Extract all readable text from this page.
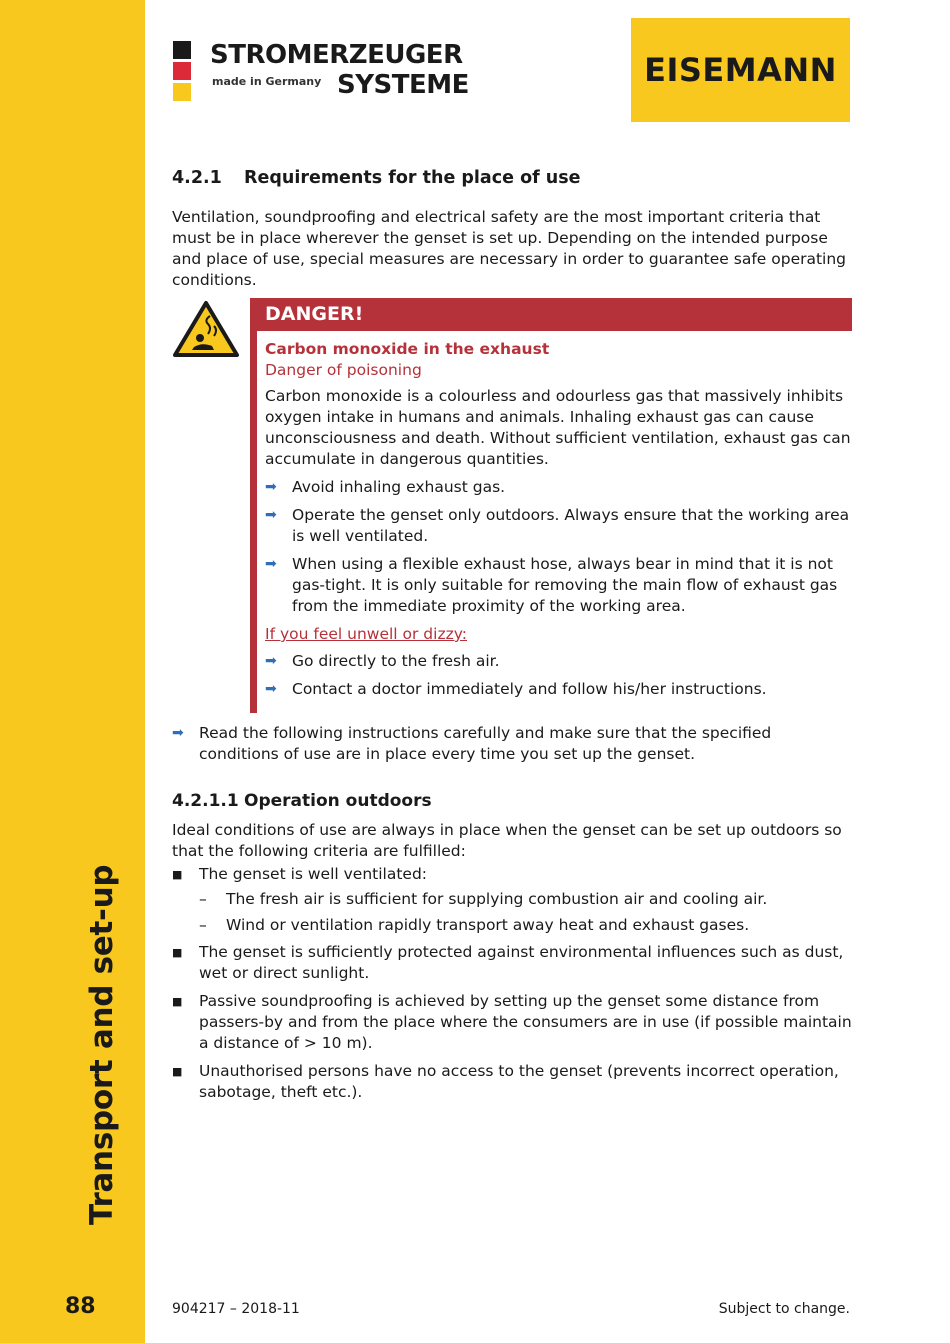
Transport and set-up
88
STROMERZEUGER
made in Germany SYSTEME	EISEMANN
4.2.1	Requirements for the place of use

Ventilation, soundproofing and electrical safety are the most important criteria that must be in place wherever the genset is set up. Depending on the intended purpose and place of use, special measures are necessary in order to guarantee safe operating conditions.

DANGER!
Carbon monoxide in the exhaust
Danger of poisoning

Carbon monoxide is a colourless and odourless gas that massively inhibits oxygen intake in humans and animals. Inhaling exhaust gas can cause unconsciousness and death. Without sufficient ventilation, exhaust gas can accumulate in dangerous quantities.

➡ Avoid inhaling exhaust gas.
➡ Operate the genset only outdoors. Always ensure that the working area is well ventilated.
➡ When using a flexible exhaust hose, always bear in mind that it is not gas-tight. It is only suitable for removing the main flow of exhaust gas from the immediate proximity of the working area.
If you feel unwell or dizzy:
➡ Go directly to the fresh air.
➡ Contact a doctor immediately and follow his/her instructions.
➡ Read the following instructions carefully and make sure that the specified conditions of use are in place every time you set up the genset.
4.2.1.1 Operation outdoors

Ideal conditions of use are always in place when the genset can be set up outdoors so that the following criteria are fulfilled:

■	The genset is well ventilated:
–	The fresh air is sufficient for supplying combustion air and cooling air.
–	Wind or ventilation rapidly transport away heat and exhaust gases.
■	The genset is sufficiently protected against environmental influences such as dust, wet or direct sunlight.
■	Passive soundproofing is achieved by setting up the genset some distance from passers-by and from the place where the consumers are in use (if possible maintain a distance of > 10 m).
■	Unauthorised persons have no access to the genset (prevents incorrect operation, sabotage, theft etc.).
904217 – 2018-11	Subject to change.
